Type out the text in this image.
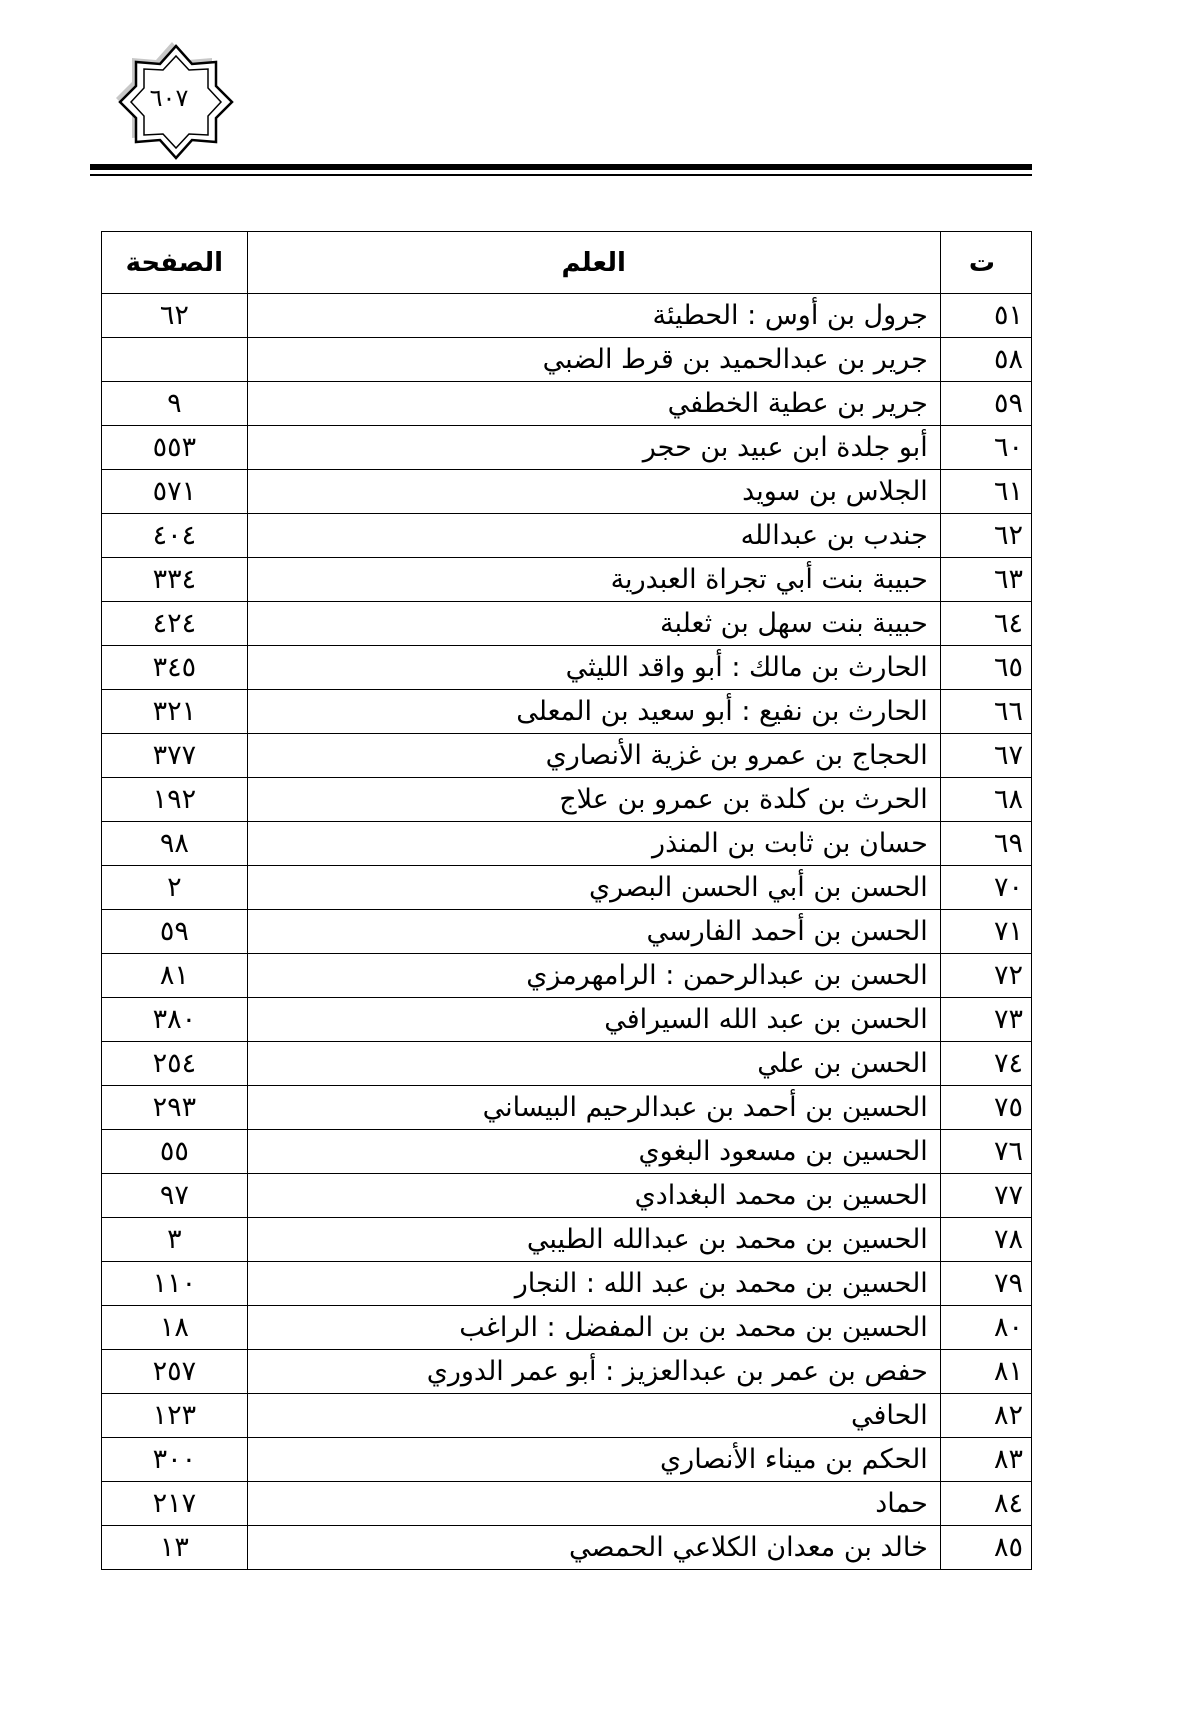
٦٠٧
ت	العلم	الصفحة
٥١	جرول بن أوس : الحطيئة	٦٢
٥٨	جرير بن عبدالحميد بن قرط الضبي	
٥٩	جرير بن عطية الخطفي	٩
٦٠	أبو جلدة ابن عبيد بن حجر	٥٥٣
٦١	الجلاس بن سويد	٥٧١
٦٢	جندب بن عبدالله	٤٠٤
٦٣	حبيبة بنت أبي تجراة العبدرية	٣٣٤
٦٤	حبيبة بنت سهل بن ثعلبة	٤٢٤
٦٥	الحارث بن مالك : أبو واقد الليثي	٣٤٥
٦٦	الحارث بن نفيع : أبو سعيد بن المعلى	٣٢١
٦٧	الحجاج بن عمرو بن غزية الأنصاري	٣٧٧
٦٨	الحرث بن كلدة بن عمرو بن علاج	١٩٢
٦٩	حسان بن ثابت بن المنذر	٩٨
٧٠	الحسن بن أبي الحسن البصري	٢
٧١	الحسن بن أحمد الفارسي	٥٩
٧٢	الحسن بن عبدالرحمن : الرامهرمزي	٨١
٧٣	الحسن بن عبد الله السيرافي	٣٨٠
٧٤	الحسن بن علي	٢٥٤
٧٥	الحسين بن أحمد بن عبدالرحيم البيساني	٢٩٣
٧٦	الحسين بن مسعود البغوي	٥٥
٧٧	الحسين بن محمد البغدادي	٩٧
٧٨	الحسين بن محمد بن عبدالله الطيبي	٣
٧٩	الحسين بن محمد بن عبد الله : النجار	١١٠
٨٠	الحسين بن محمد بن بن المفضل : الراغب	١٨
٨١	حفص بن عمر بن عبدالعزيز : أبو عمر الدوري	٢٥٧
٨٢	الحافي	١٢٣
٨٣	الحكم بن ميناء الأنصاري	٣٠٠
٨٤	حماد	٢١٧
٨٥	خالد بن معدان الكلاعي الحمصي	١٣
